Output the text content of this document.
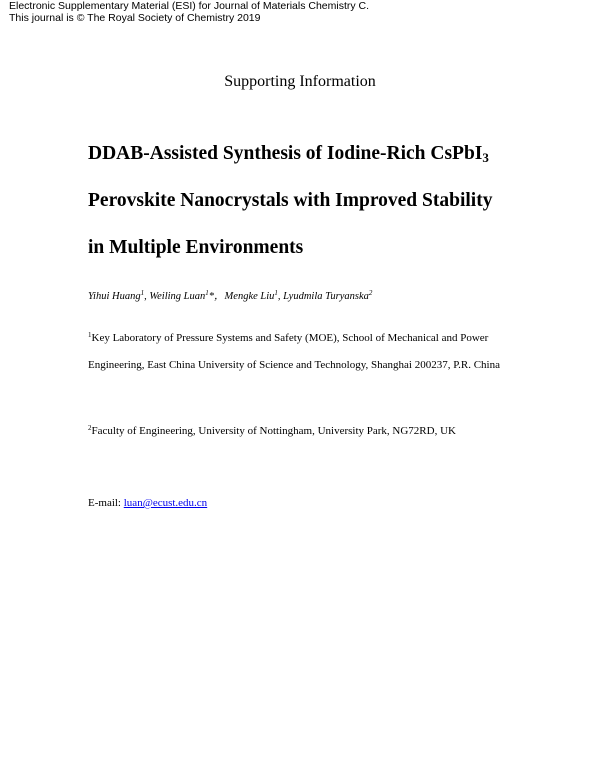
Electronic Supplementary Material (ESI) for Journal of Materials Chemistry C.
This journal is © The Royal Society of Chemistry 2019
Supporting Information
DDAB-Assisted Synthesis of Iodine-Rich CsPbI$_3$
Perovskite Nanocrystals with Improved Stability
in Multiple Environments
Yihui Huang$^1$, Weiling Luan$^1$*，Mengke Liu$^1$, Lyudmila Turyanska$^2$
$^1$Key Laboratory of Pressure Systems and Safety (MOE), School of Mechanical and Power Engineering, East China University of Science and Technology, Shanghai 200237, P.R. China
$^2$Faculty of Engineering, University of Nottingham, University Park, NG72RD, UK
E-mail: luan@ecust.edu.cn
